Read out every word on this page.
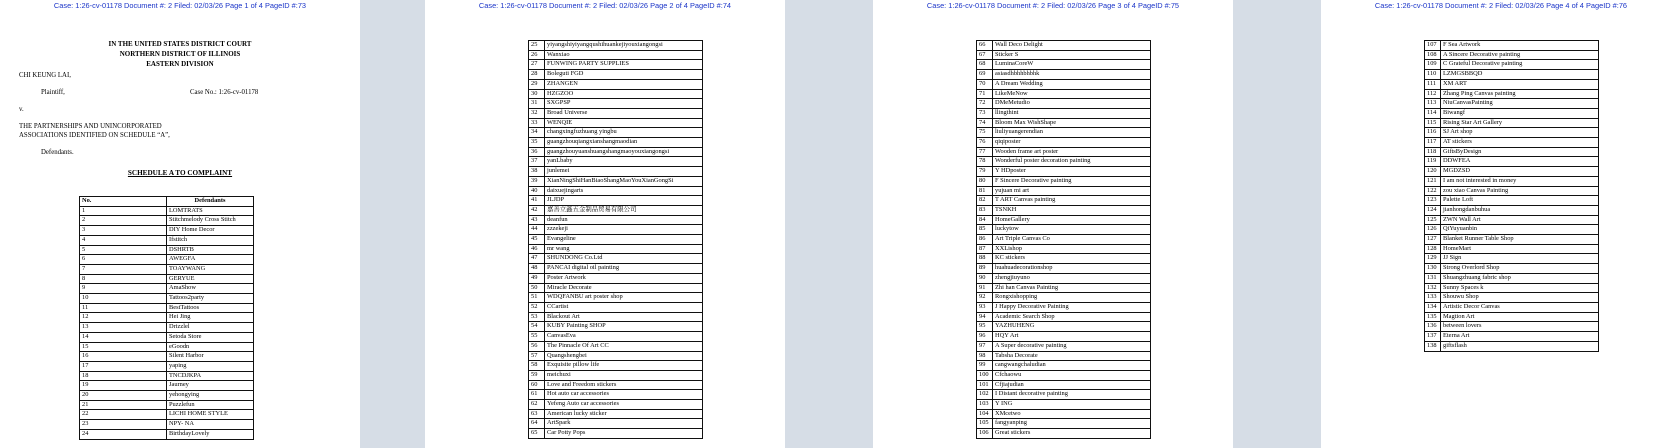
Case: 1:26-cv-01178 Document #: 2 Filed: 02/03/26 Page 1 of 4 PageID #:73
IN THE UNITED STATES DISTRICT COURT
NORTHERN DISTRICT OF ILLINOIS
EASTERN DIVISION
CHI KEUNG LAI,
Plaintiff,	Case No.: 1:26-cv-01178
v.
THE PARTNERSHIPS AND UNINCORPORATED
ASSOCIATIONS IDENTIFIED ON SCHEDULE “A”,
Defendants.
SCHEDULE A TO COMPLAINT
Case: 1:26-cv-01178 Document #: 2 Filed: 02/03/26 Page 2 of 4 PageID #:74	Case: 1:26-cv-01178 Document #: 2 Filed: 02/03/26 Page 3 of 4 PageID #:75	Case: 1:26-cv-01178 Document #: 2 Filed: 02/03/26 Page 4 of 4 PageID #:76
No.	Defendants
1	LOMTRATS
2	Stitchmelody Cross Stitch
3	DIY Home Decor
4	Ifstitch
5	DSHRTB
6	AWEGFA
7	TOAYWANG
8	GERYUE
9	AmaShow
10	Tattoos2party
11	BestTattoos
12	Hei Jing
13	Drizzlel
14	Setoda Store
15	eGoodn
16	Silent Harbor
17	yaping
18	TNCDJKPA
19	Jaurney
20	yehongying
21	Puzzlefun
22	LICHI HOME STYLE
23	NPY- NA
24	BirthdayLovely
25	yiyangshiyiyangqushihuankejiyouxiangongsi
26	Wanxiao
27	FUNWING PARTY SUPPLIES
28	Boleguti FGD
29	ZHANGEN
30	HZGZOO
31	SXGPSP
32	Broad Universe
33	WENQIE
34	changxingfuzhuang yingbu
35	guangzhouqiangxianshangmaodian
36	guangzhouyuanshuangshangmaoyouxiangongsi
37	yanLbaby
38	junlemei
39	XianNingShiHanBiaoShangMaoYouXianGongSi
40	daixuejingarts
41	JLJDP
42	嘉善立鑫五金制品贸易有限公司
43	deanfun
44	zzzekeji
45	Evangeline
46	mr wang
47	SHUNDONG Co.Ltd
48	PANCAI digital oil painting
49	Poster Artwork
50	Miracle Decorate
51	WDQFANBU art poster shop
52	CCartist
53	Blackout Art
54	KUBY Painting SHOP
55	CanvasEva
56	The Pinnacle Of Art CC
57	Quangshengbei
58	Exquisite pillow life
59	meichuxi
60	Love and Freedom stickers
61	Hot auto car accessories
62	Yefeng Auto car accessories
63	American lucky sticker
64	ArtSpark
65	Car Potty Pops
66	Wall Deco Delight
67	Sticker S
68	LuminaCoreW
69	asiasdhbhhbhbhk
70	A Dream Wedding
71	LikeMeNow
72	DMeMetudio
73	llingthint
74	Bloom Max WishShape
75	liuliyuangerendian
76	qiqiposter
77	Wooden frame art poster
78	Wonderful poster decoration painting
79	Y HDposter
80	F Sincere Decorative painting
81	yujuan mi art
82	T ART Canvas painting
83	TSNKH
84	HomeGallery
85	luckytow
86	Art Triple Canvas Co
87	XXLishop
88	KC stickers
89	huahuadecorationshop
90	zhengjiuyuno
91	Zhi han Canvas Painting
92	Rongxishopping
93	J Happy Decorative Painting
94	Academic Search Shop
95	YAZHUHENG
96	HQY Art
97	A Super decorative painting
98	Tabsha Decorate
99	cangwangchaludian
100	Cfchaowu
101	Cfjiajudian
102	I Distant decorative painting
103	Y ING
104	XMcetwo
105	fangyanping
106	Great stickers
107	F Sea Artwork
108	A Sincere Decorative painting
109	C Grateful Decorative painting
110	LZMGSBBQD
111	XM ART
112	Zhang Ping Canvas painting
113	NiuCanvasPainting
114	Biwangf
115	Rising Star Art Gallery
116	SJ Art shop
117	AT stickers
118	GiftsByDesign
119	DDWFEA
120	MGDZSD
121	I am not interested in money
122	zou xiao Canvas Painting
123	Palette Loft
124	jianhongdanbuhua
125	ZWN Wall Art
126	QiYuyuanbin
127	Blanket Runner Table Shop
128	HomeMart
129	JJ Sign
130	Strong Overlord Shop
131	Shuangzhuang fabric shop
132	Sunny Spaces k
133	Shouwu Shop
134	Artistic Decor Canvas
135	Magtion Art
136	between lovers
137	Eterna Art
138	giftsflash
